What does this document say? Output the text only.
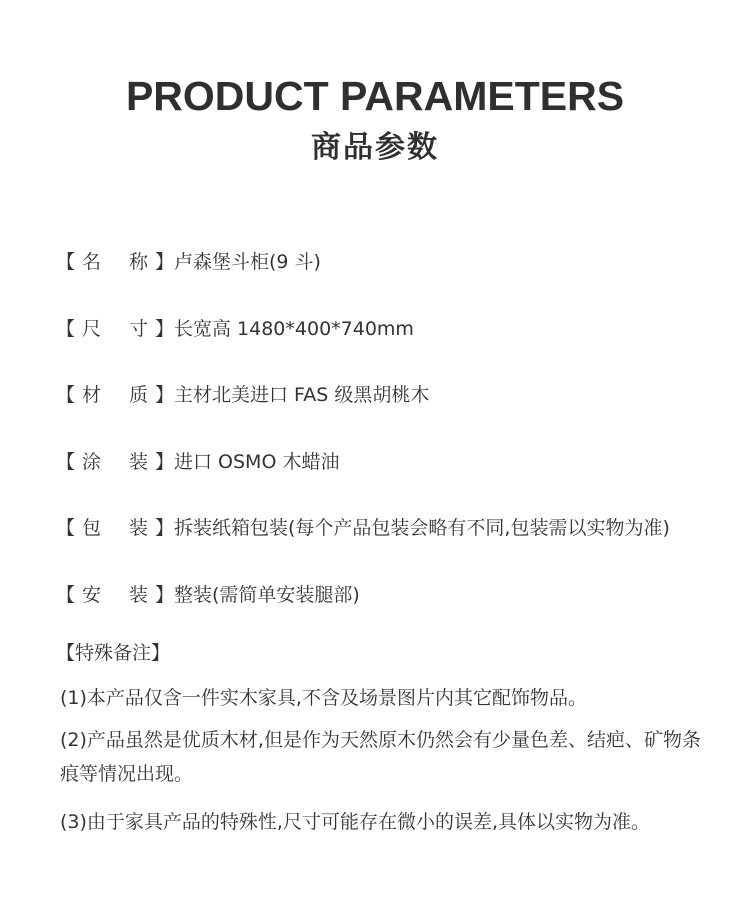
PRODUCT PARAMETERS
商品参数
【 名称 】 卢森堡斗柜(9 斗)
【 尺寸 】 长宽高 1480*400*740mm
【 材质 】 主材北美进口 FAS 级黑胡桃木
【 涂装 】 进口 OSMO 木蜡油
【 包装 】 拆装纸箱包装(每个产品包装会略有不同,包装需以实物为准)
【 安装 】 整装(需简单安装腿部)
【特殊备注】
(1)本产品仅含一件实木家具,不含及场景图片内其它配饰物品。
(2)产品虽然是优质木材,但是作为天然原木仍然会有少量色差、结疤、矿物条痕等情况出现。
(3)由于家具产品的特殊性,尺寸可能存在微小的误差,具体以实物为准。
